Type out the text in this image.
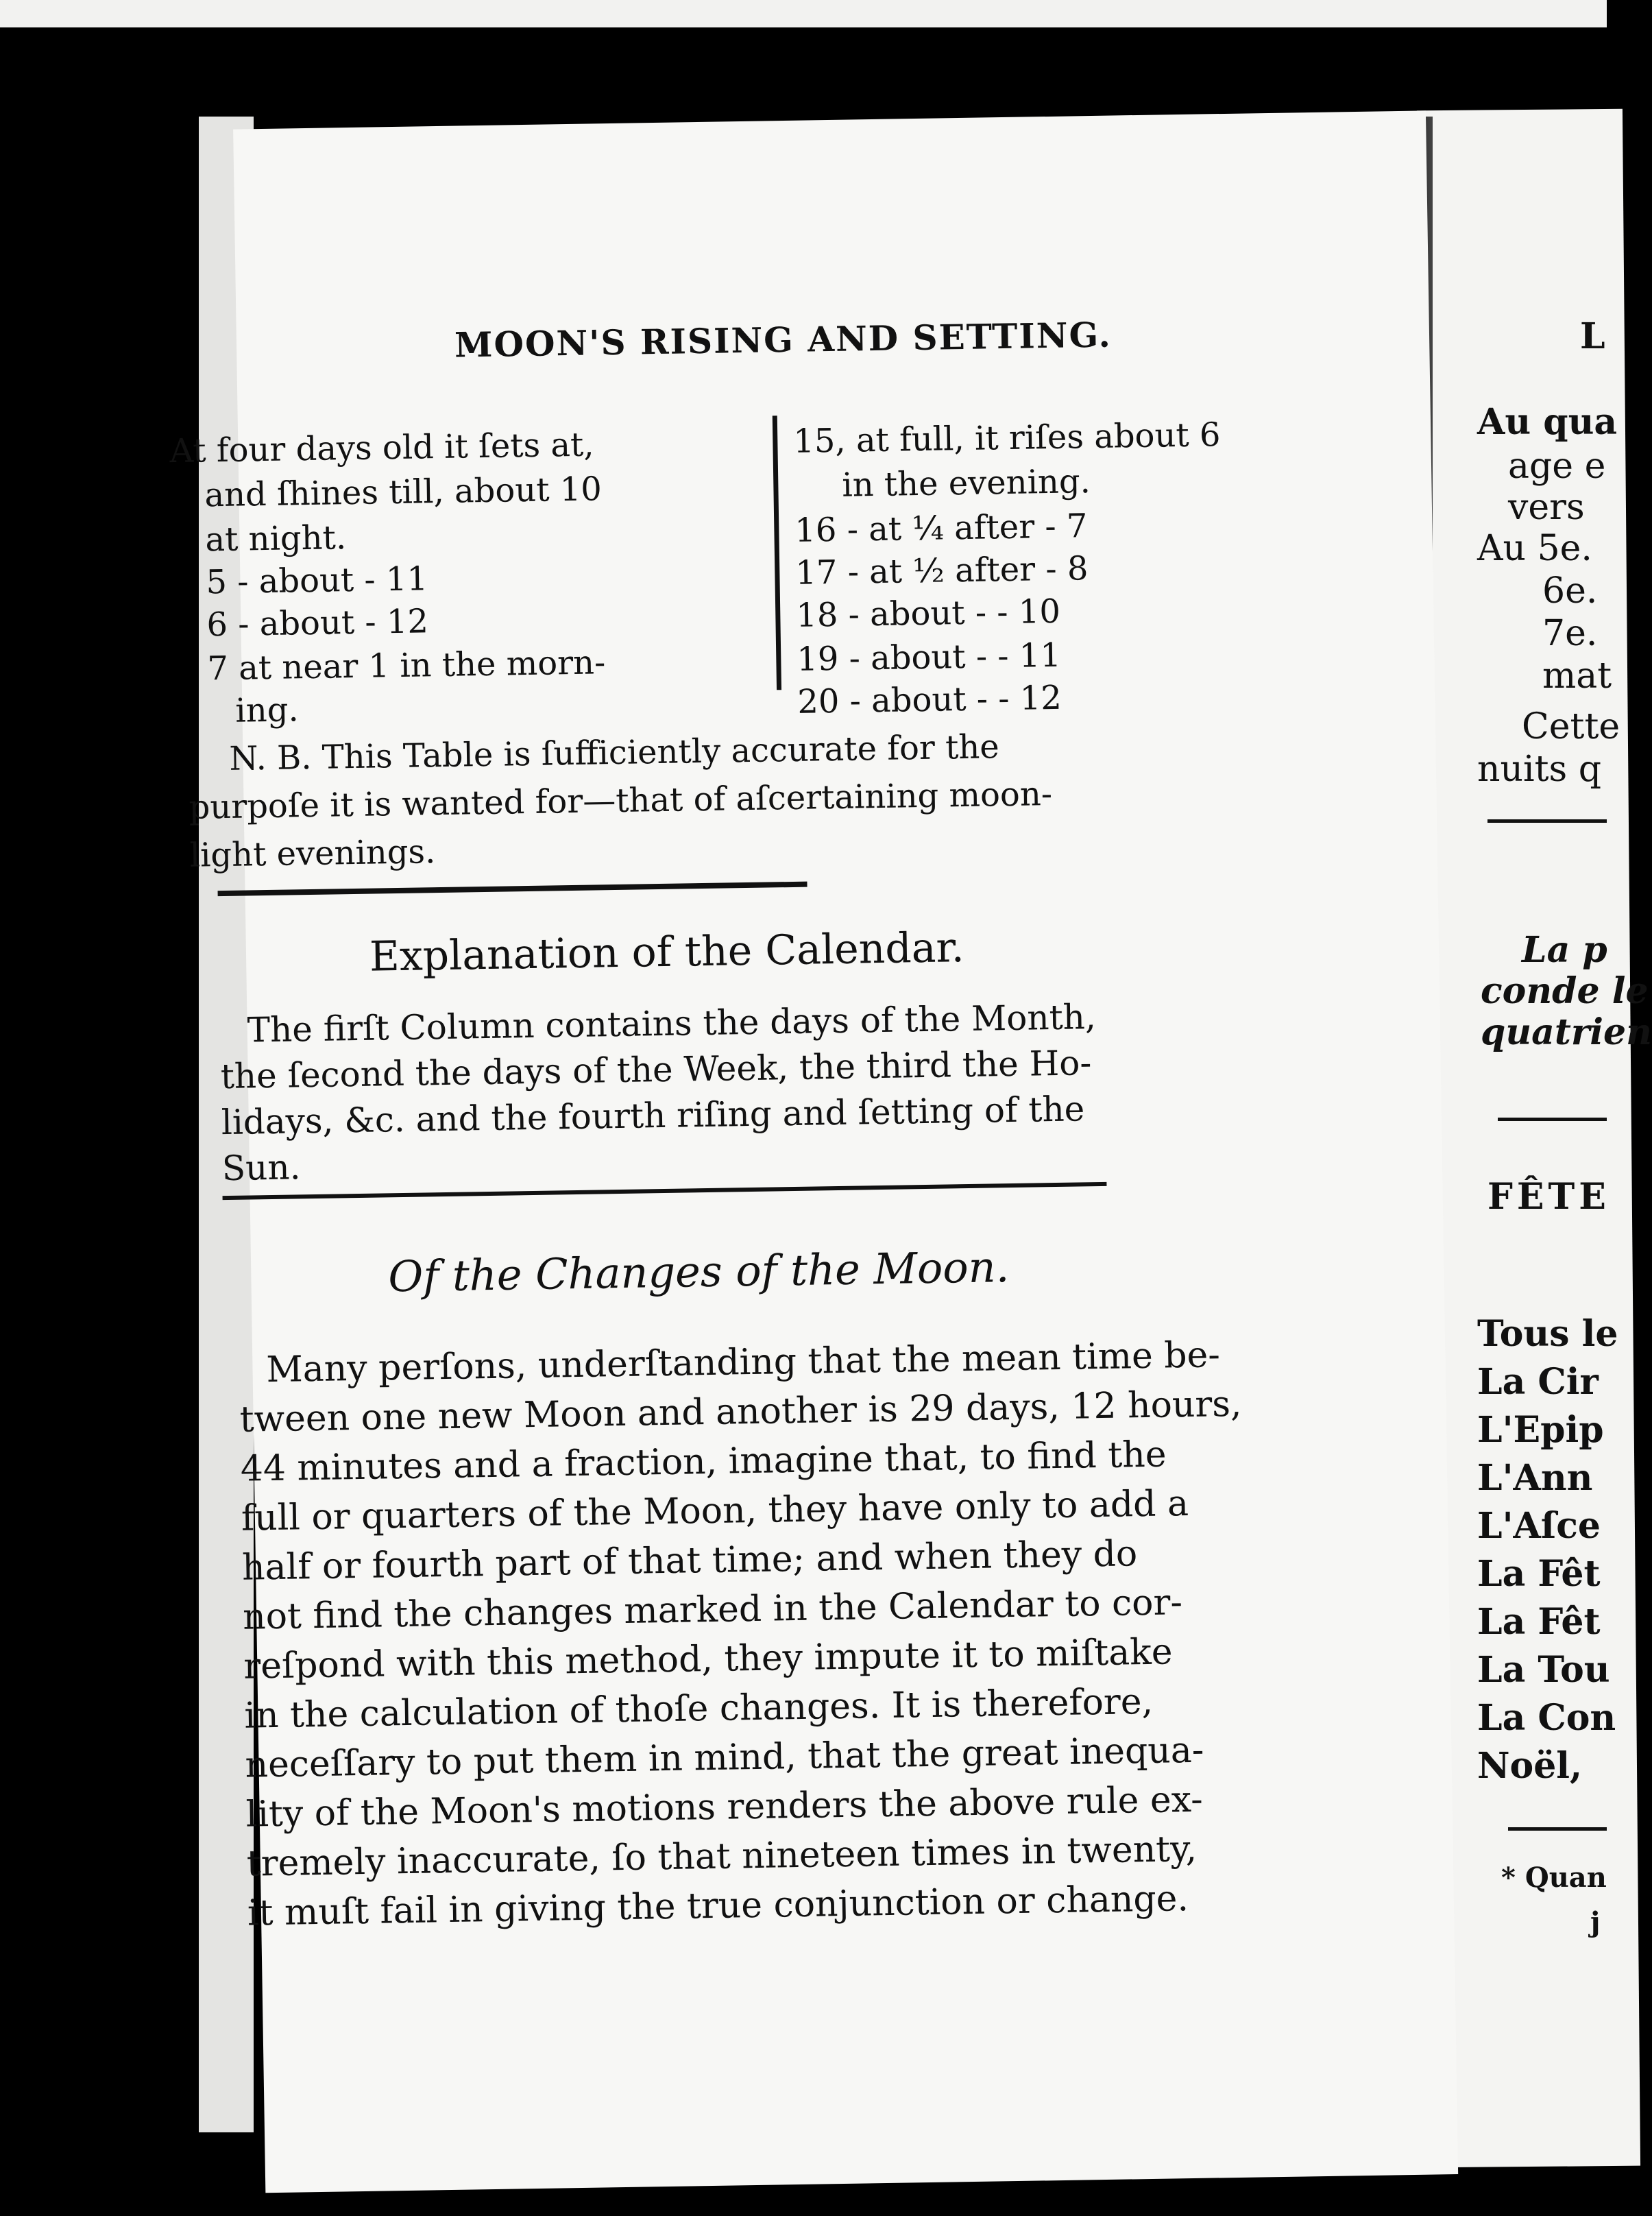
MOON'S RISING AND SETTING.
At four days old it ſets at,
and ſhines till, about 10
at night.
5 - about - 11
6 - about - 12
7 at near 1 in the morn-
ing.
15, at full, it riſes about 6
in the evening.
16 - at ¼ after - 7
17 - at ½ after - 8
18 - about - - 10
19 - about - - 11
20 - about - - 12
N. B. This Table is ſufficiently accurate for the
purpoſe it is wanted for—that of aſcertaining moon-
light evenings.
Explanation of the Calendar.
The firſt Column contains the days of the Month,
the ſecond the days of the Week, the third the Ho-
lidays, &c. and the fourth riſing and ſetting of the
Sun.
Of the Changes of the Moon.
Many perſons, underſtanding that the mean time be-
tween one new Moon and another is 29 days, 12 hours,
44 minutes and a fraction, imagine that, to find the
full or quarters of the Moon, they have only to add a
half or fourth part of that time; and when they do
not find the changes marked in the Calendar to cor-
reſpond with this method, they impute it to miſtake
in the calculation of thoſe changes. It is therefore,
neceſſary to put them in mind, that the great inequa-
lity of the Moon's motions renders the above rule ex-
tremely inaccurate, ſo that nineteen times in twenty,
it muſt fail in giving the true conjunction or change.
L
Au qua
age e
vers
Au 5e.
6e.
7e.
mat
Cette
nuits q
La p
conde le
quatrien
FÊTE
Tous le
La Cir
L'Epip
L'Ann
L'Aſce
La Fêt
La Fêt
La Tou
La Con
Noël,
* Quan
j
